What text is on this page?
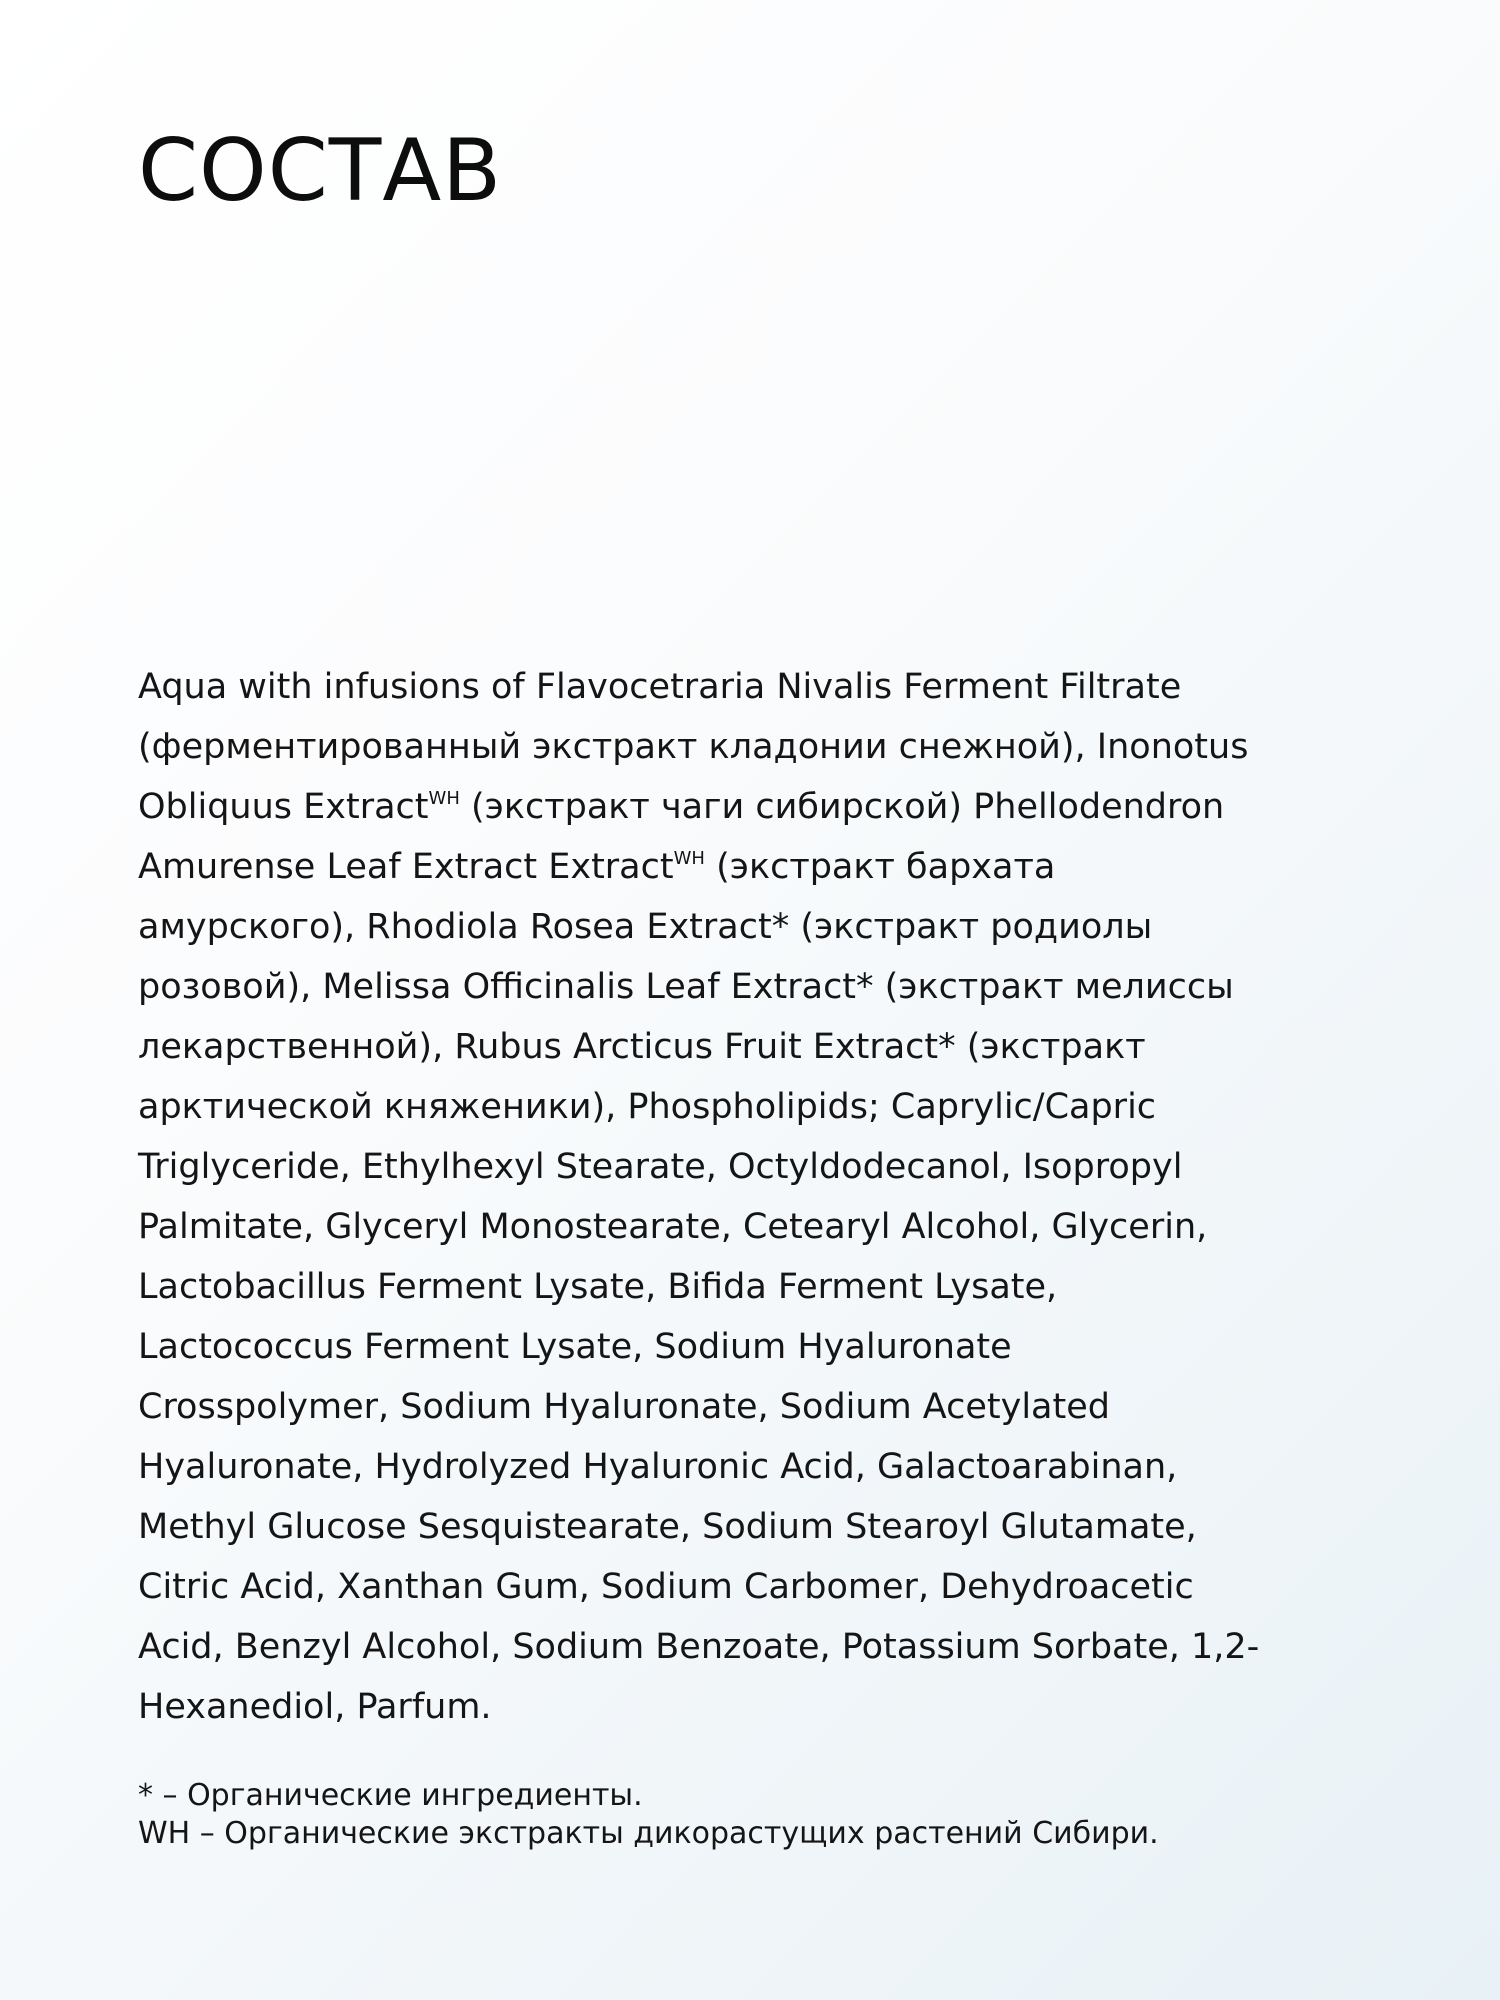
СОСТАВ

Aqua with infusions of Flavocetraria Nivalis Ferment Filtrate
(ферментированный экстракт кладонии снежной), Inonotus
Obliquus Extract$^{WH}$ (экстракт чаги сибирской) Phellodendron
Amurense Leaf Extract Extract$^{WH}$ (экстракт бархата
амурского), Rhodiola Rosea Extract* (экстракт родиолы
розовой), Melissa Officinalis Leaf Extract* (экстракт мелиссы
лекарственной), Rubus Arcticus Fruit Extract* (экстракт
арктической княженики), Phospholipids; Caprylic/Capric
Triglyceride, Ethylhexyl Stearate, Octyldodecanol, Isopropyl
Palmitate, Glyceryl Monostearate, Cetearyl Alcohol, Glycerin,
Lactobacillus Ferment Lysate, Bifida Ferment Lysate,
Lactococcus Ferment Lysate, Sodium Hyaluronate
Crosspolymer, Sodium Hyaluronate, Sodium Acetylated
Hyaluronate, Hydrolyzed Hyaluronic Acid, Galactoarabinan,
Methyl Glucose Sesquistearate, Sodium Stearoyl Glutamate,
Citric Acid, Xanthan Gum, Sodium Carbomer, Dehydroacetic
Acid, Benzyl Alcohol, Sodium Benzoate, Potassium Sorbate, 1,2-
Hexanediol, Parfum.

* – Органические ингредиенты.
WH – Органические экстракты дикорастущих растений Сибири.
